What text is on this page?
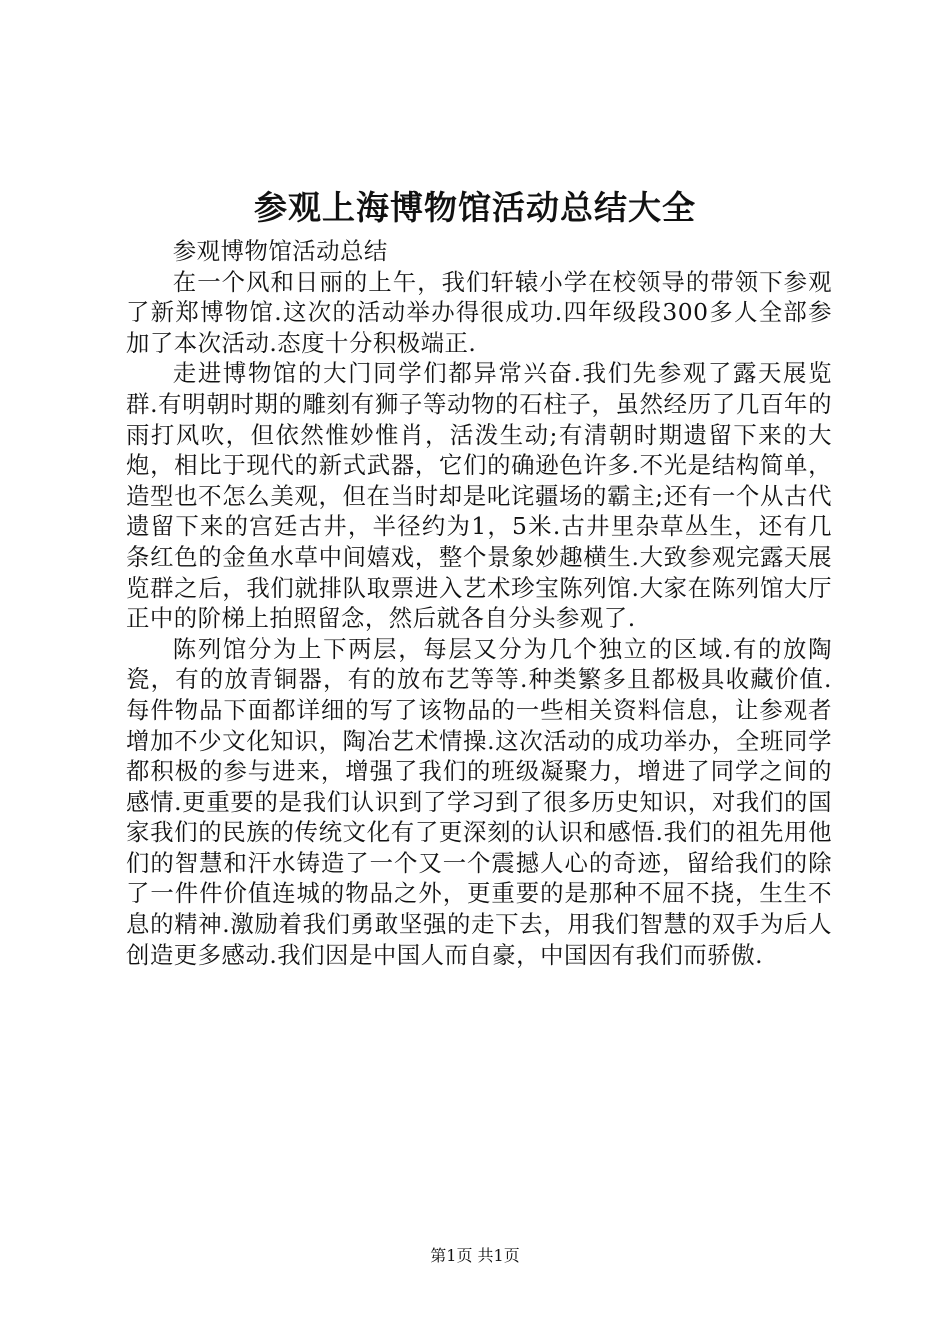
参观上海博物馆活动总结大全

参观博物馆活动总结

在一个风和日丽的上午，我们轩辕小学在校领导的带领下参观了新郑博物馆.这次的活动举办得很成功.四年级段300多人全部参加了本次活动.态度十分积极端正.

走进博物馆的大门同学们都异常兴奋.我们先参观了露天展览群.有明朝时期的雕刻有狮子等动物的石柱子，虽然经历了几百年的雨打风吹，但依然惟妙惟肖，活泼生动;有清朝时期遗留下来的大炮，相比于现代的新式武器，它们的确逊色许多.不光是结构简单，造型也不怎么美观，但在当时却是叱诧疆场的霸主;还有一个从古代遗留下来的宫廷古井，半径约为1，5米.古井里杂草丛生，还有几条红色的金鱼水草中间嬉戏，整个景象妙趣横生.大致参观完露天展览群之后，我们就排队取票进入艺术珍宝陈列馆.大家在陈列馆大厅正中的阶梯上拍照留念，然后就各自分头参观了.

陈列馆分为上下两层，每层又分为几个独立的区域.有的放陶瓷，有的放青铜器，有的放布艺等等.种类繁多且都极具收藏价值.每件物品下面都详细的写了该物品的一些相关资料信息，让参观者增加不少文化知识，陶冶艺术情操.这次活动的成功举办，全班同学都积极的参与进来，增强了我们的班级凝聚力，增进了同学之间的感情.更重要的是我们认识到了学习到了很多历史知识，对我们的国家我们的民族的传统文化有了更深刻的认识和感悟.我们的祖先用他们的智慧和汗水铸造了一个又一个震撼人心的奇迹，留给我们的除了一件件价值连城的物品之外，更重要的是那种不屈不挠，生生不息的精神.激励着我们勇敢坚强的走下去，用我们智慧的双手为后人创造更多感动.我们因是中国人而自豪，中国因有我们而骄傲.

第1页 共1页
